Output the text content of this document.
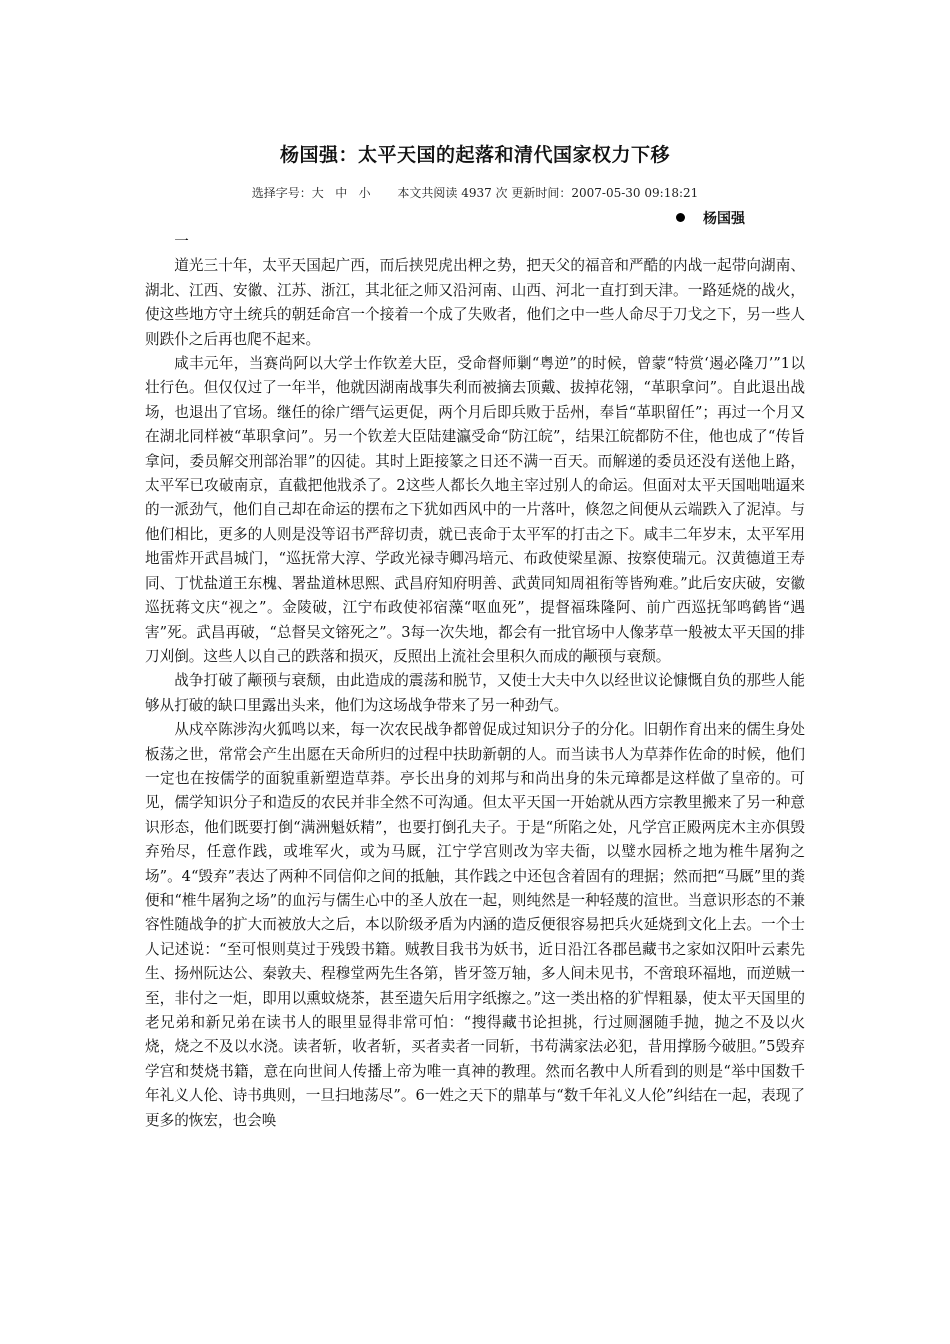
杨国强：太平天国的起落和清代国家权力下移
选择字号：大 中 小 本文共阅读 4937 次 更新时间：2007-05-30 09:18:21
杨国强

一

道光三十年，太平天国起广西，而后挟兕虎出柙之势，把天父的福音和严酷的内战一起带向湖南、湖北、江西、安徽、江苏、浙江，其北征之师又沿河南、山西、河北一直打到天津。一路延烧的战火，使这些地方守土统兵的朝廷命宫一个接着一个成了失败者，他们之中一些人命尽于刀戈之下，另一些人则跌仆之后再也爬不起来。

咸丰元年，当赛尚阿以大学士作钦差大臣，受命督师剿“粤逆”的时候，曾蒙“特赏‘遏必隆刀’”1以壮行色。但仅仅过了一年半，他就因湖南战事失利而被摘去顶戴、拔掉花翎，“革职拿问”。自此退出战场，也退出了官场。继任的徐广缙气运更促，两个月后即兵败于岳州，奉旨“革职留任”；再过一个月又在湖北同样被“革职拿问”。另一个钦差大臣陆建瀛受命“防江皖”，结果江皖都防不住，他也成了“传旨拿问，委员解交刑部治罪”的囚徒。其时上距接篆之日还不满一百天。而解递的委员还没有送他上路，太平军已攻破南京，直截把他戕杀了。2这些人都长久地主宰过别人的命运。但面对太平天国咄咄逼来的一派劲气，他们自己却在命运的摆布之下犹如西风中的一片落叶，倏忽之间便从云端跌入了泥淖。与他们相比，更多的人则是没等诏书严辞切责，就已丧命于太平军的打击之下。咸丰二年岁末，太平军用地雷炸开武昌城门，“巡抚常大淳、学政光禄寺卿冯培元、布政使梁星源、按察使瑞元。汉黄德道王寿同、丁忧盐道王东槐、署盐道林思熙、武昌府知府明善、武黄同知周祖衔等皆殉难。”此后安庆破，安徽巡抚蒋文庆“视之”。金陵破，江宁布政使祁宿藻“呕血死”，提督福珠隆阿、前广西巡抚邹鸣鹤皆“遇害”死。武昌再破，“总督吴文镕死之”。3每一次失地，都会有一批官场中人像茅草一般被太平天国的排刀刈倒。这些人以自己的跌落和损灭，反照出上流社会里积久而成的颟顸与衰颓。

战争打破了颟顸与衰颓，由此造成的震荡和脱节，又使士大夫中久以经世议论慷慨自负的那些人能够从打破的缺口里露出头来，他们为这场战争带来了另一种劲气。

从戍卒陈涉沟火狐鸣以来，每一次农民战争都曾促成过知识分子的分化。旧朝作育出来的儒生身处板荡之世，常常会产生出愿在天命所归的过程中扶助新朝的人。而当读书人为草莽作佐命的时候，他们一定也在按儒学的面貌重新塑造草莽。亭长出身的刘邦与和尚出身的朱元璋都是这样做了皇帝的。可见，儒学知识分子和造反的农民并非全然不可沟通。但太平天国一开始就从西方宗教里搬来了另一种意识形态，他们既要打倒“满洲魁妖精”，也要打倒孔夫子。于是“所陷之处，凡学宫正殿两庑木主亦俱毁弃殆尽，任意作践，或堆军火，或为马厩，江宁学宫则改为宰夫衙，以璧水园桥之地为椎牛屠狗之场”。4“毁弃”表达了两种不同信仰之间的抵触，其作践之中还包含着固有的理据；然而把“马厩”里的粪便和“椎牛屠狗之场”的血污与儒生心中的圣人放在一起，则纯然是一种轻蔑的渲世。当意识形态的不兼容性随战争的扩大而被放大之后，本以阶级矛盾为内涵的造反便很容易把兵火延烧到文化上去。一个士人记述说：“至可恨则莫过于残毁书籍。贼教目我书为妖书，近日沿江各郡邑藏书之家如汉阳叶云素先生、扬州阮达公、秦敦夫、程穆堂两先生各第，皆牙签万轴，多人间未见书，不啻琅环福地，而逆贼一至，非付之一炬，即用以熏蚊烧茶，甚至遗矢后用字纸擦之。”这一类出格的犷悍粗暴，使太平天国里的老兄弟和新兄弟在读书人的眼里显得非常可怕：“搜得藏书论担挑，行过厕溷随手抛，抛之不及以火烧，烧之不及以水浇。读者斩，收者斩，买者卖者一同斩，书苟满家法必犯，昔用撑肠今破胆。”5毁弃学宫和焚烧书籍，意在向世间人传播上帝为唯一真神的教理。然而名教中人所看到的则是“举中国数千年礼义人伦、诗书典则，一旦扫地荡尽”。6一姓之天下的鼎革与“数千年礼义人伦”纠结在一起，表现了更多的恢宏，也会唤
